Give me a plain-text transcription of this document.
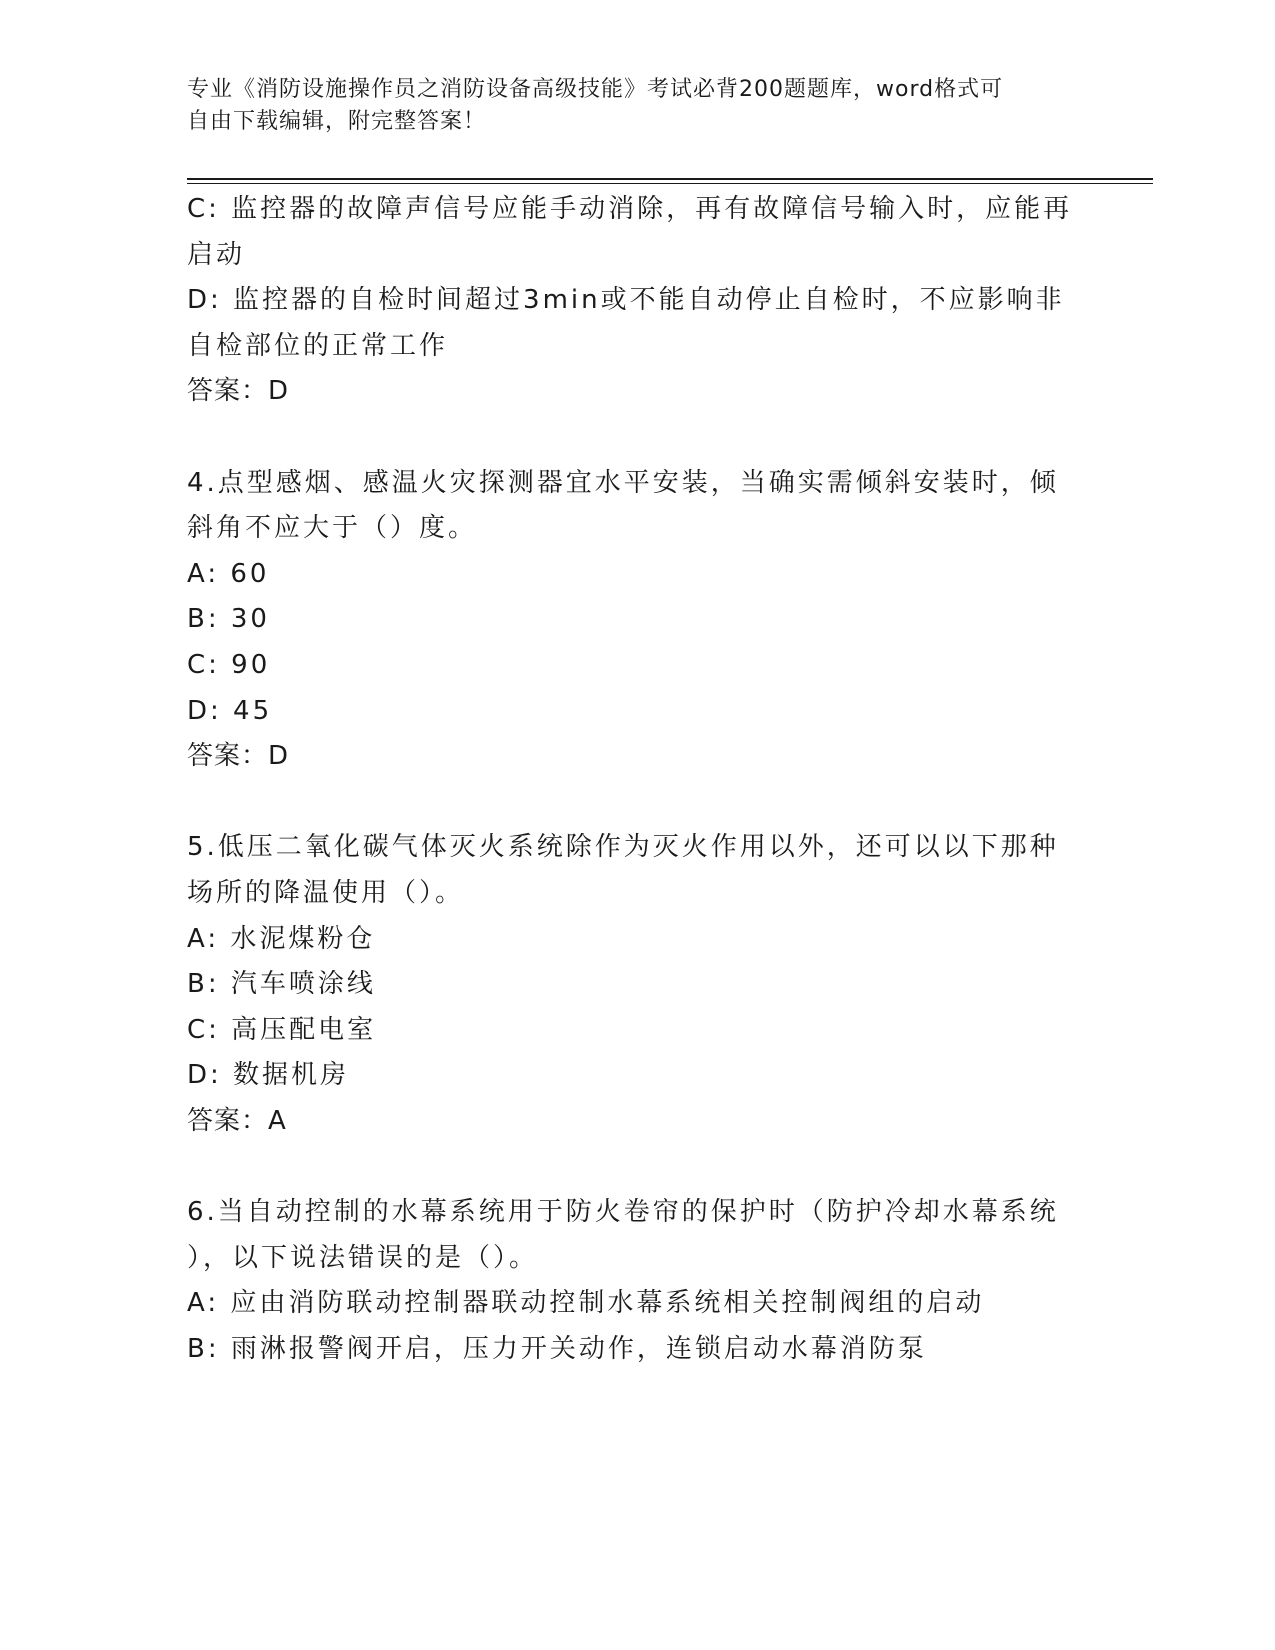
专业《消防设施操作员之消防设备高级技能》考试必背200题题库，word格式可
自由下载编辑，附完整答案！

C: 监控器的故障声信号应能手动消除，再有故障信号输入时，应能再

启动

D: 监控器的自检时间超过3min或不能自动停止自检时，不应影响非

自检部位的正常工作

答案：D

4.点型感烟、感温火灾探测器宜水平安装，当确实需倾斜安装时，倾

斜角不应大于（）度。

A: 60

B: 30

C: 90

D: 45

答案：D

5.低压二氧化碳气体灭火系统除作为灭火作用以外，还可以以下那种

场所的降温使用（）。

A: 水泥煤粉仓

B: 汽车喷涂线

C: 高压配电室

D: 数据机房

答案：A

6.当自动控制的水幕系统用于防火卷帘的保护时（防护冷却水幕系统

），以下说法错误的是（）。

A: 应由消防联动控制器联动控制水幕系统相关控制阀组的启动

B: 雨淋报警阀开启，压力开关动作，连锁启动水幕消防泵
